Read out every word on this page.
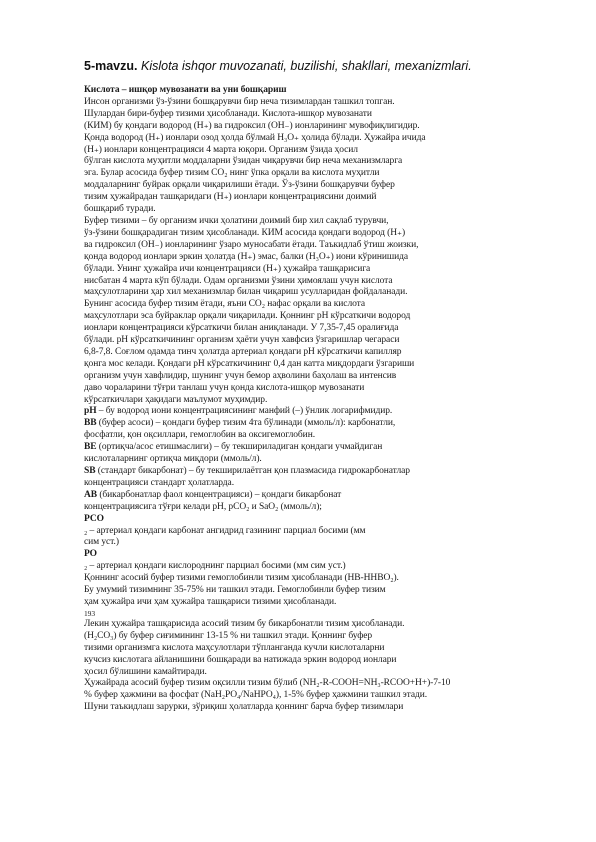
5-mavzu. Kislota ishqor muvozanati, buzilishi, shakllari, mexanizmlari.
Кислота – ишқор мувозанати ва уни бошқариш
Инсон организми ўз-ўзини бошқарувчи бир неча тизимлардан ташкил топган.
Шулардан бири-буфер тизими ҳисобланади. Кислота-ишқор мувозанати
(КИМ) бу қондаги водород (Н₊) ва гидроксил (ОН₋) ионларининг мувофиқлигидир.
Қонда водород (Н₊) ионлари озод ҳолда бўлмай Н₃О₊ ҳолида бўлади. Ҳужайра ичида
(Н₊) ионлари концентрацияси 4 марта юқори. Организм ўзида ҳосил
бўлган кислота муҳитли моддаларни ўзидан чиқарувчи бир неча механизмларга
эга. Булар асосида буфер тизим СО₂ нинг ўпка орқали ва кислота муҳитли
моддаларнинг буйрак орқали чиқарилиши ётади. Ўз-ўзини бошқарувчи буфер
тизим ҳужайрадан ташқаридаги (Н₊) ионлари концентрациясини доимий
бошқариб туради.
Буфер тизими – бу организм ички ҳолатини доимий бир хил сақлаб турувчи,
ўз-ўзини бошқарадиган тизим ҳисобланади. КИМ асосида қондаги водород (Н₊)
ва гидроксил (ОН₋) ионларининг ўзаро муносабати ётади. Таъкидлаб ўтиш жоизки,
қонда водород ионлари эркин ҳолатда (Н₊) эмас, балки (Н₃О₊) иони кўринишида
бўлади. Унинг ҳужайра ичи концентрацияси (Н₊) ҳужайра ташқарисига
нисбатан 4 марта кўп бўлади. Одам организми ўзини ҳимоялаш учун кислота
маҳсулотларини ҳар хил механизмлар билан чиқариш усулларидан фойдаланади.
Бунинг асосида буфер тизим ётади, яъни СО₂ нафас орқали ва кислота
маҳсулотлари эса буйраклар орқали чиқарилади. Қоннинг рН кўрсаткичи водород
ионлари концентрацияси кўрсаткичи билан аниқланади. У 7,35-7,45 оралиғида
бўлади. рН кўрсаткичининг организм ҳаёти учун хавфсиз ўзгаришлар чегараси
6,8-7,8. Соғлом одамда тинч ҳолатда артериал қондаги рН кўрсаткичи капилляр
қонга мос келади. Қондаги рН кўрсаткичининг 0,4 дан катта миқдордаги ўзгариши
организм учун хавфлидир, шунинг учун бемор аҳволини баҳолаш ва интенсив
даво чораларини тўғри танлаш учун қонда кислота-ишқор мувозанати
кўрсаткичлари ҳақидаги маълумот муҳимдир.
рН – бу водород иони концентрациясининг манфий (–) ўнлик логарифмидир.
ВВ (буфер асоси) – қондаги буфер тизим 4та бўлинади (ммоль/л): карбонатли,
фосфатли, қон оқсиллари, гемоглобин ва оксигемоглобин.
ВЕ (ортиқча/асос етишмаслиги) – бу текшириладиган қондаги учмайдиган
кислоталарнинг ортиқча миқдори (ммоль/л).
SВ (стандарт бикарбонат) – бу текширилаётган қон плазмасида гидрокарбонатлар
концентрацияси стандарт ҳолатларда.
АВ (бикарбонатлар фаол концентрацияси) – қондаги бикарбонат
концентрациясига тўғри келади рН, рСО₂ и SаО₂ (ммоль/л);
РСО
₂ – артериал қондаги карбонат ангидрид газининг парциал босими (мм
сим уст.)
РО
₂ – артериал қондаги кислороднинг парциал босими (мм сим уст.)
Қоннинг асосий буфер тизими гемоглобинли тизим ҳисобланади (НВ-ННВО₂).
Бу умумий тизимнинг 35-75% ни ташкил этади. Гемоглобинли буфер тизим
ҳам ҳужайра ичи ҳам ҳужайра ташқариси тизими ҳисобланади.
193
Лекин ҳужайра ташқарисида асосий тизим бу бикарбонатли тизим ҳисобланади.
(Н₂СО₃) бу буфер сиғимининг 13-15 % ни ташкил этади. Қоннинг буфер
тизими организмга кислота маҳсулотлари тўпланганда кучли кислоталарни
кучсиз кислотага айланишини бошқаради ва натижада эркин водород ионлари
ҳосил бўлишини камайтиради.
Ҳужайрада асосий буфер тизим оқсилли тизим бўлиб (NН₂-R-СООН=NН₃-RСОО+Н+)-7-10
% буфер ҳажмини ва фосфат (NаН₂РО₄/NаНРО₄), 1-5% буфер ҳажмини ташкил этади.
Шуни таъкидлаш зарурки, зўриқиш ҳолатларда қоннинг барча буфер тизимлари
